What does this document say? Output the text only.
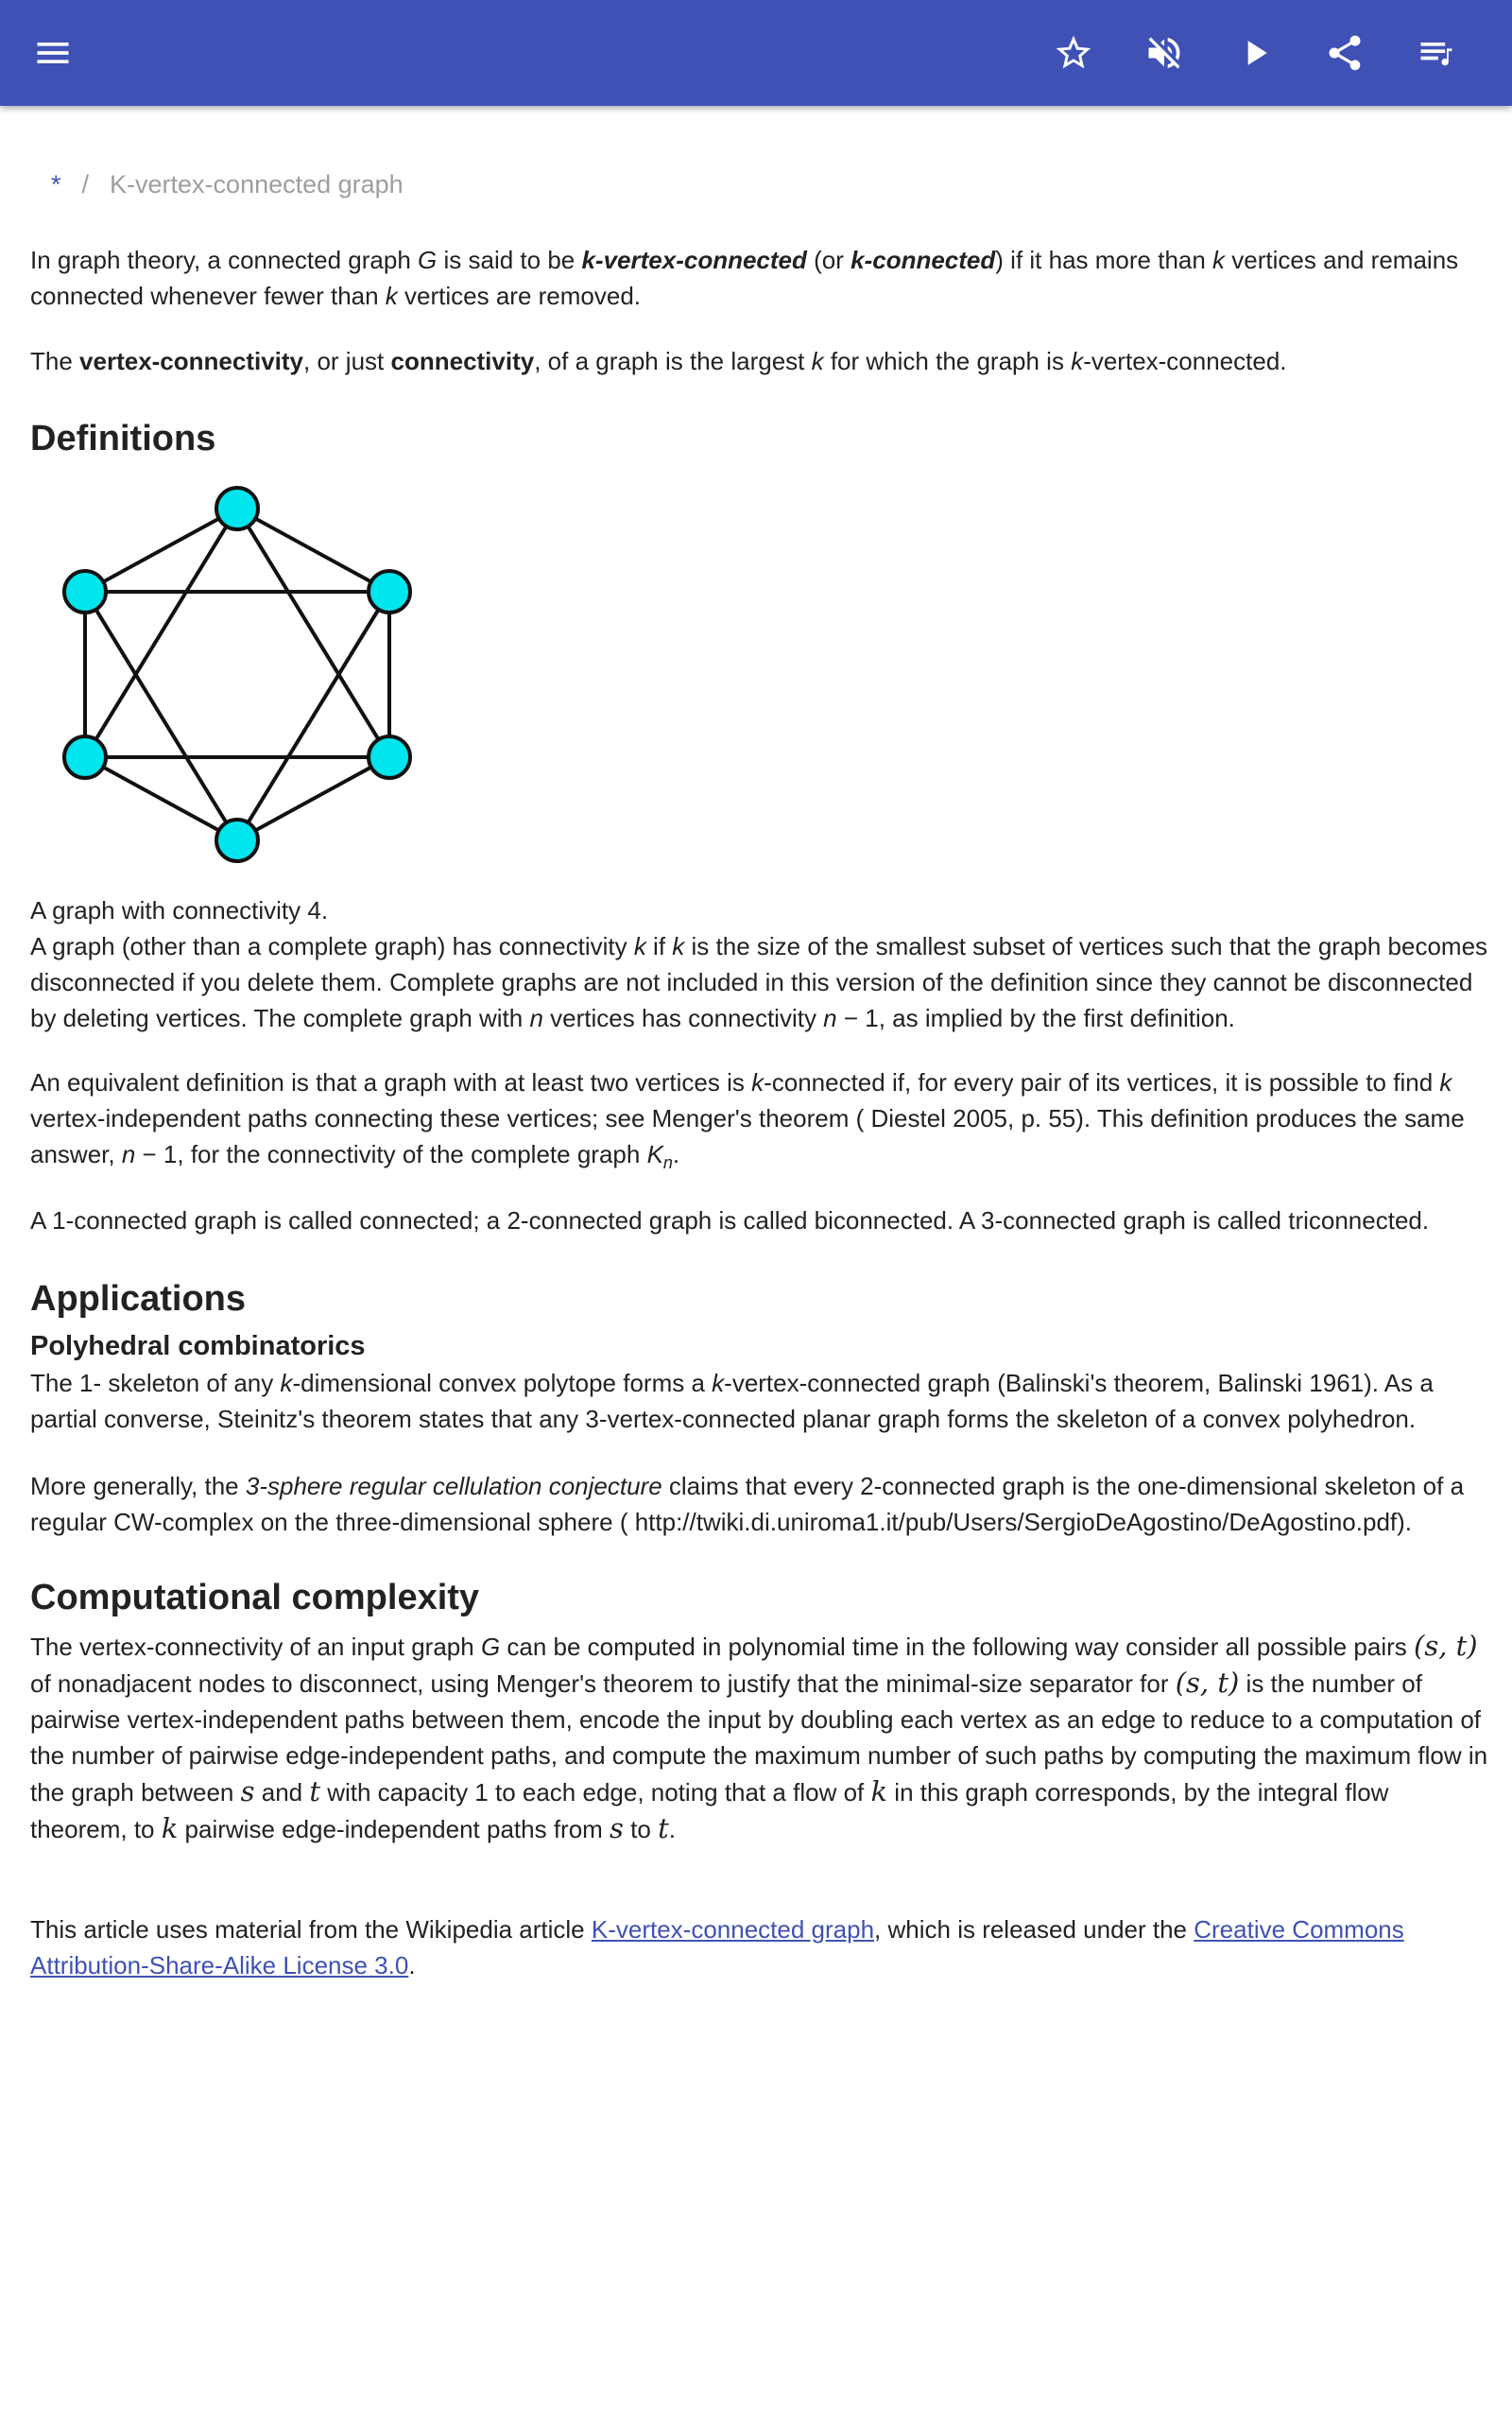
* / K-vertex-connected graph

In graph theory, a connected graph G is said to be k-vertex-connected (or k-connected) if it has more than k vertices and remains connected whenever fewer than k vertices are removed.

The vertex-connectivity, or just connectivity, of a graph is the largest k for which the graph is k-vertex-connected.

Definitions

A graph with connectivity 4.

A graph (other than a complete graph) has connectivity k if k is the size of the smallest subset of vertices such that the graph becomes disconnected if you delete them. Complete graphs are not included in this version of the definition since they cannot be disconnected by deleting vertices. The complete graph with n vertices has connectivity n − 1, as implied by the first definition.

An equivalent definition is that a graph with at least two vertices is k-connected if, for every pair of its vertices, it is possible to find k vertex-independent paths connecting these vertices; see Menger's theorem ( Diestel 2005, p. 55). This definition produces the same answer, n − 1, for the connectivity of the complete graph $K_n$.

A 1-connected graph is called connected; a 2-connected graph is called biconnected. A 3-connected graph is called triconnected.

Applications
Polyhedral combinatorics

The 1- skeleton of any k-dimensional convex polytope forms a k-vertex-connected graph (Balinski's theorem, Balinski 1961). As a partial converse, Steinitz's theorem states that any 3-vertex-connected planar graph forms the skeleton of a convex polyhedron.

More generally, the 3-sphere regular cellulation conjecture claims that every 2-connected graph is the one-dimensional skeleton of a regular CW-complex on the three-dimensional sphere ( http://twiki.di.uniroma1.it/pub/Users/SergioDeAgostino/DeAgostino.pdf).

Computational complexity

The vertex-connectivity of an input graph G can be computed in polynomial time in the following way consider all possible pairs (s, t) of nonadjacent nodes to disconnect, using Menger's theorem to justify that the minimal-size separator for (s, t) is the number of pairwise vertex-independent paths between them, encode the input by doubling each vertex as an edge to reduce to a computation of the number of pairwise edge-independent paths, and compute the maximum number of such paths by computing the maximum flow in the graph between s and t with capacity 1 to each edge, noting that a flow of k in this graph corresponds, by the integral flow theorem, to k pairwise edge-independent paths from s to t.

This article uses material from the Wikipedia article K-vertex-connected graph, which is released under the Creative Commons Attribution-Share-Alike License 3.0.
